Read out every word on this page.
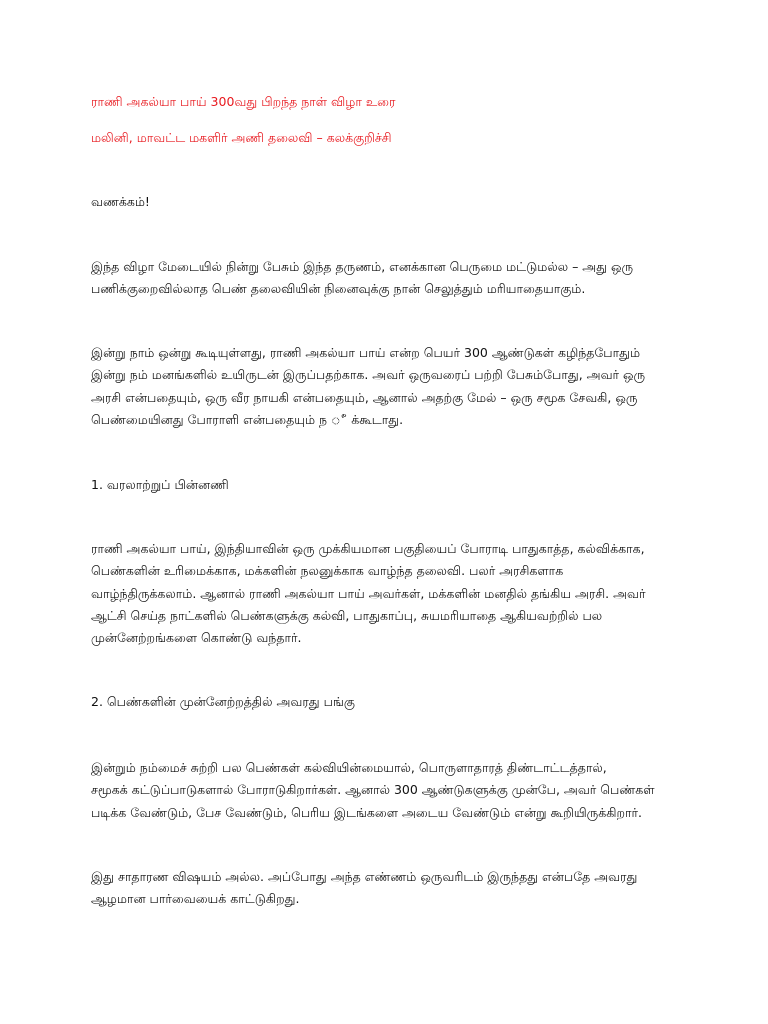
ராணி அகல்யா பாய் 300வது பிறந்த நாள் விழா உரை
மலினி, மாவட்ட மகளிர் அணி தலைவி – கலக்குறிச்சி
வணக்கம்!
இந்த விழா மேடையில் நின்று பேசும் இந்த தருணம், எனக்கான பெருமை மட்டுமல்ல – அது ஒரு
பணிக்குறைவில்லாத பெண் தலைவியின் நினைவுக்கு நான் செலுத்தும் மரியாதையாகும்.
இன்று நாம் ஒன்று கூடியுள்ளது, ராணி அகல்யா பாய் என்ற பெயர் 300 ஆண்டுகள் கழிந்தபோதும்
இன்று நம் மனங்களில் உயிருடன் இருப்பதற்காக. அவர் ஒருவரைப் பற்றி பேசும்போது, அவர் ஒரு
அரசி என்பதையும், ஒரு வீர நாயகி என்பதையும், ஆனால் அதற்கு மேல் – ஒரு சமூக சேவகி, ஒரு
பெண்மையினது போராளி என்பதையும் ந ◌ீ க்கூடாது.
1. வரலாற்றுப் பின்னணி
ராணி அகல்யா பாய், இந்தியாவின் ஒரு முக்கியமான பகுதியைப் போராடி பாதுகாத்த, கல்விக்காக,
பெண்களின் உரிமைக்காக, மக்களின் நலனுக்காக வாழ்ந்த தலைவி. பலர் அரசிகளாக
வாழ்ந்திருக்கலாம். ஆனால் ராணி அகல்யா பாய் அவர்கள், மக்களின் மனதில் தங்கிய அரசி. அவர்
ஆட்சி செய்த நாட்களில் பெண்களுக்கு கல்வி, பாதுகாப்பு, சுயமரியாதை ஆகியவற்றில் பல
முன்னேற்றங்களை கொண்டு வந்தார்.
2. பெண்களின் முன்னேற்றத்தில் அவரது பங்கு
இன்றும் நம்மைச் சுற்றி பல பெண்கள் கல்வியின்மையால், பொருளாதாரத் திண்டாட்டத்தால்,
சமூகக் கட்டுப்பாடுகளால் போராடுகிறார்கள். ஆனால் 300 ஆண்டுகளுக்கு முன்பே, அவர் பெண்கள்
படிக்க வேண்டும், பேச வேண்டும், பெரிய இடங்களை அடைய வேண்டும் என்று கூறியிருக்கிறார்.
இது சாதாரண விஷயம் அல்ல. அப்போது அந்த எண்ணம் ஒருவரிடம் இருந்தது என்பதே அவரது
ஆழமான பார்வையைக் காட்டுகிறது.
